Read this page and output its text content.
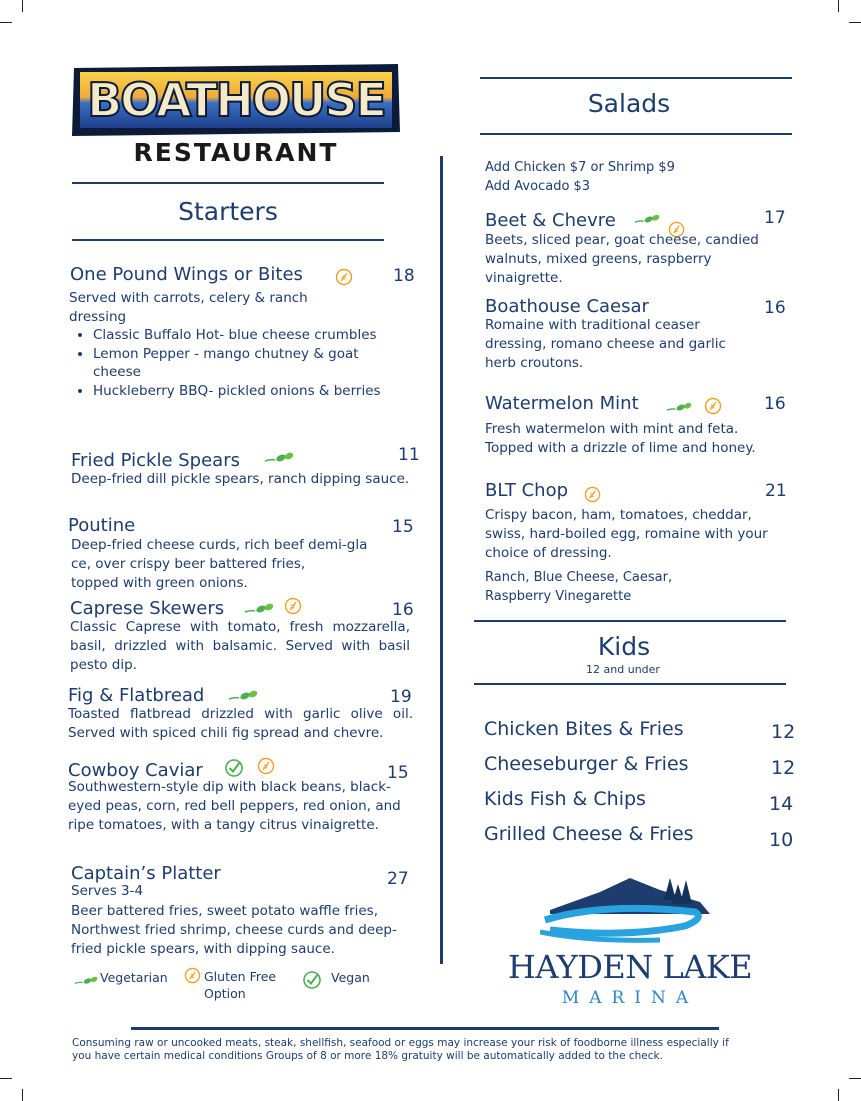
BOATHOUSE
RESTAURANT
Starters
One Pound Wings or Bites	18
Served with carrots, celery & ranch dressing
• Classic Buffalo Hot- blue cheese crumbles
• Lemon Pepper - mango chutney & goat cheese
• Huckleberry BBQ- pickled onions & berries
Fried Pickle Spears	11
Deep-fried dill pickle spears, ranch dipping sauce.
Poutine	15
Deep-fried cheese curds, rich beef demi-gla
ce, over crispy beer battered fries,
topped with green onions.
Caprese Skewers	16
Classic Caprese with tomato, fresh mozzarella, basil, drizzled with balsamic. Served with basil pesto dip.
Fig & Flatbread	19
Toasted flatbread drizzled with garlic olive oil. Served with spiced chili fig spread and chevre.
Cowboy Caviar	15
Southwestern-style dip with black beans, black-eyed peas, corn, red bell peppers, red onion, and ripe tomatoes, with a tangy citrus vinaigrette.
Captain’s Platter	27
Serves 3-4
Beer battered fries, sweet potato waffle fries, Northwest fried shrimp, cheese curds and deep-fried pickle spears, with dipping sauce.
Vegetarian	Gluten Free
Option
Vegan
Salads
Add Chicken $7 or Shrimp $9
Add Avocado $3
Beet & Chevre	17
Beets, sliced pear, goat cheese, candied walnuts, mixed greens, raspberry vinaigrette.
Boathouse Caesar	16
Romaine with traditional ceaser dressing, romano cheese and garlic herb croutons.
Watermelon Mint	16
Fresh watermelon with mint and feta. Topped with a drizzle of lime and honey.
BLT Chop	21
Crispy bacon, ham, tomatoes, cheddar, swiss, hard-boiled egg, romaine with your choice of dressing.
Ranch, Blue Cheese, Caesar,
Raspberry Vinegarette
Kids
12 and under
Chicken Bites & Fries	12
Cheeseburger & Fries	12
Kids Fish & Chips	14
Grilled Cheese & Fries	10
HAYDEN LAKE
MARINA
Consuming raw or uncooked meats, steak, shellfish, seafood or eggs may increase your risk of foodborne illness especially if
you have certain medical conditions Groups of 8 or more 18% gratuity will be automatically added to the check.
